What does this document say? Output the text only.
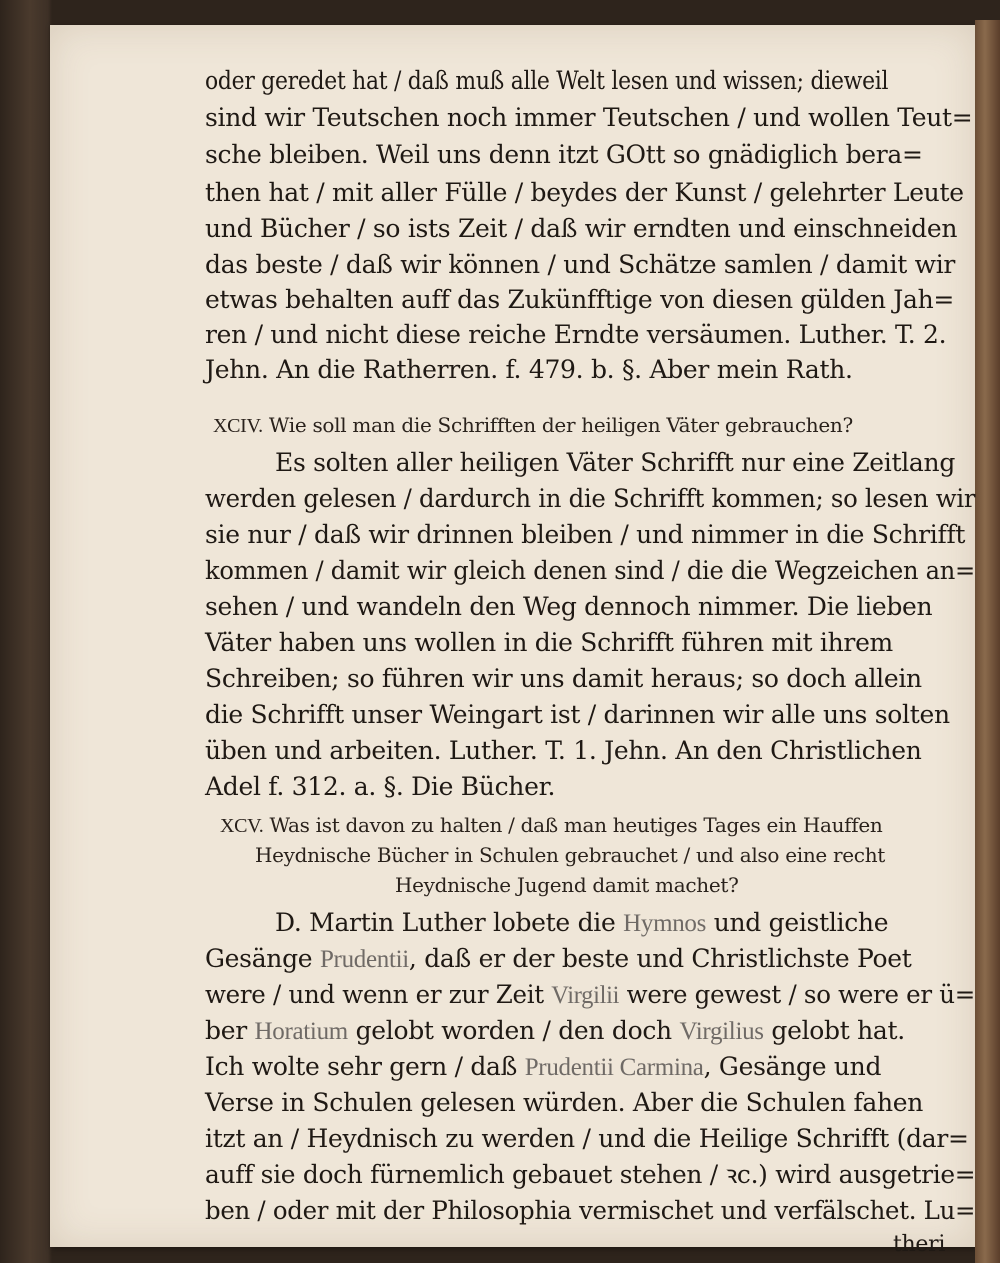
oder geredet hat / daß muß alle Welt lesen und wissen; dieweil
sind wir Teutschen noch immer Teutschen / und wollen Teut=
sche bleiben. Weil uns denn itzt GOtt so gnädiglich bera=
then hat / mit aller Fülle / beydes der Kunst / gelehrter Leute
und Bücher / so ists Zeit / daß wir erndten und einschneiden
das beste / daß wir können / und Schätze samlen / damit wir
etwas behalten auff das Zukünfftige von diesen gülden Jah=
ren / und nicht diese reiche Erndte versäumen. Luther. T. 2.
Jehn. An die Ratherren. f. 479. b. §. Aber mein Rath.
XCIV. Wie soll man die Schrifften der heiligen Väter gebrauchen?
Es solten aller heiligen Väter Schrifft nur eine Zeitlang
werden gelesen / dardurch in die Schrifft kommen; so lesen wir
sie nur / daß wir drinnen bleiben / und nimmer in die Schrifft
kommen / damit wir gleich denen sind / die die Wegzeichen an=
sehen / und wandeln den Weg dennoch nimmer. Die lieben
Väter haben uns wollen in die Schrifft führen mit ihrem
Schreiben; so führen wir uns damit heraus; so doch allein
die Schrifft unser Weingart ist / darinnen wir alle uns solten
üben und arbeiten. Luther. T. 1. Jehn. An den Christlichen
Adel f. 312. a. §. Die Bücher.
XCV. Was ist davon zu halten / daß man heutiges Tages ein Hauffen
Heydnische Bücher in Schulen gebrauchet / und also eine recht
Heydnische Jugend damit machet?
D. Martin Luther lobete die Hymnos und geistliche
Gesänge Prudentii, daß er der beste und Christlichste Poet
were / und wenn er zur Zeit Virgilii were gewest / so were er ü=
ber Horatium gelobt worden / den doch Virgilius gelobt hat.
Ich wolte sehr gern / daß Prudentii Carmina, Gesänge und
Verse in Schulen gelesen würden. Aber die Schulen fahen
itzt an / Heydnisch zu werden / und die Heilige Schrifft (dar=
auff sie doch fürnemlich gebauet stehen / ꝛc.) wird ausgetrie=
ben / oder mit der Philosophia vermischet und verfälschet. Lu=
theri
